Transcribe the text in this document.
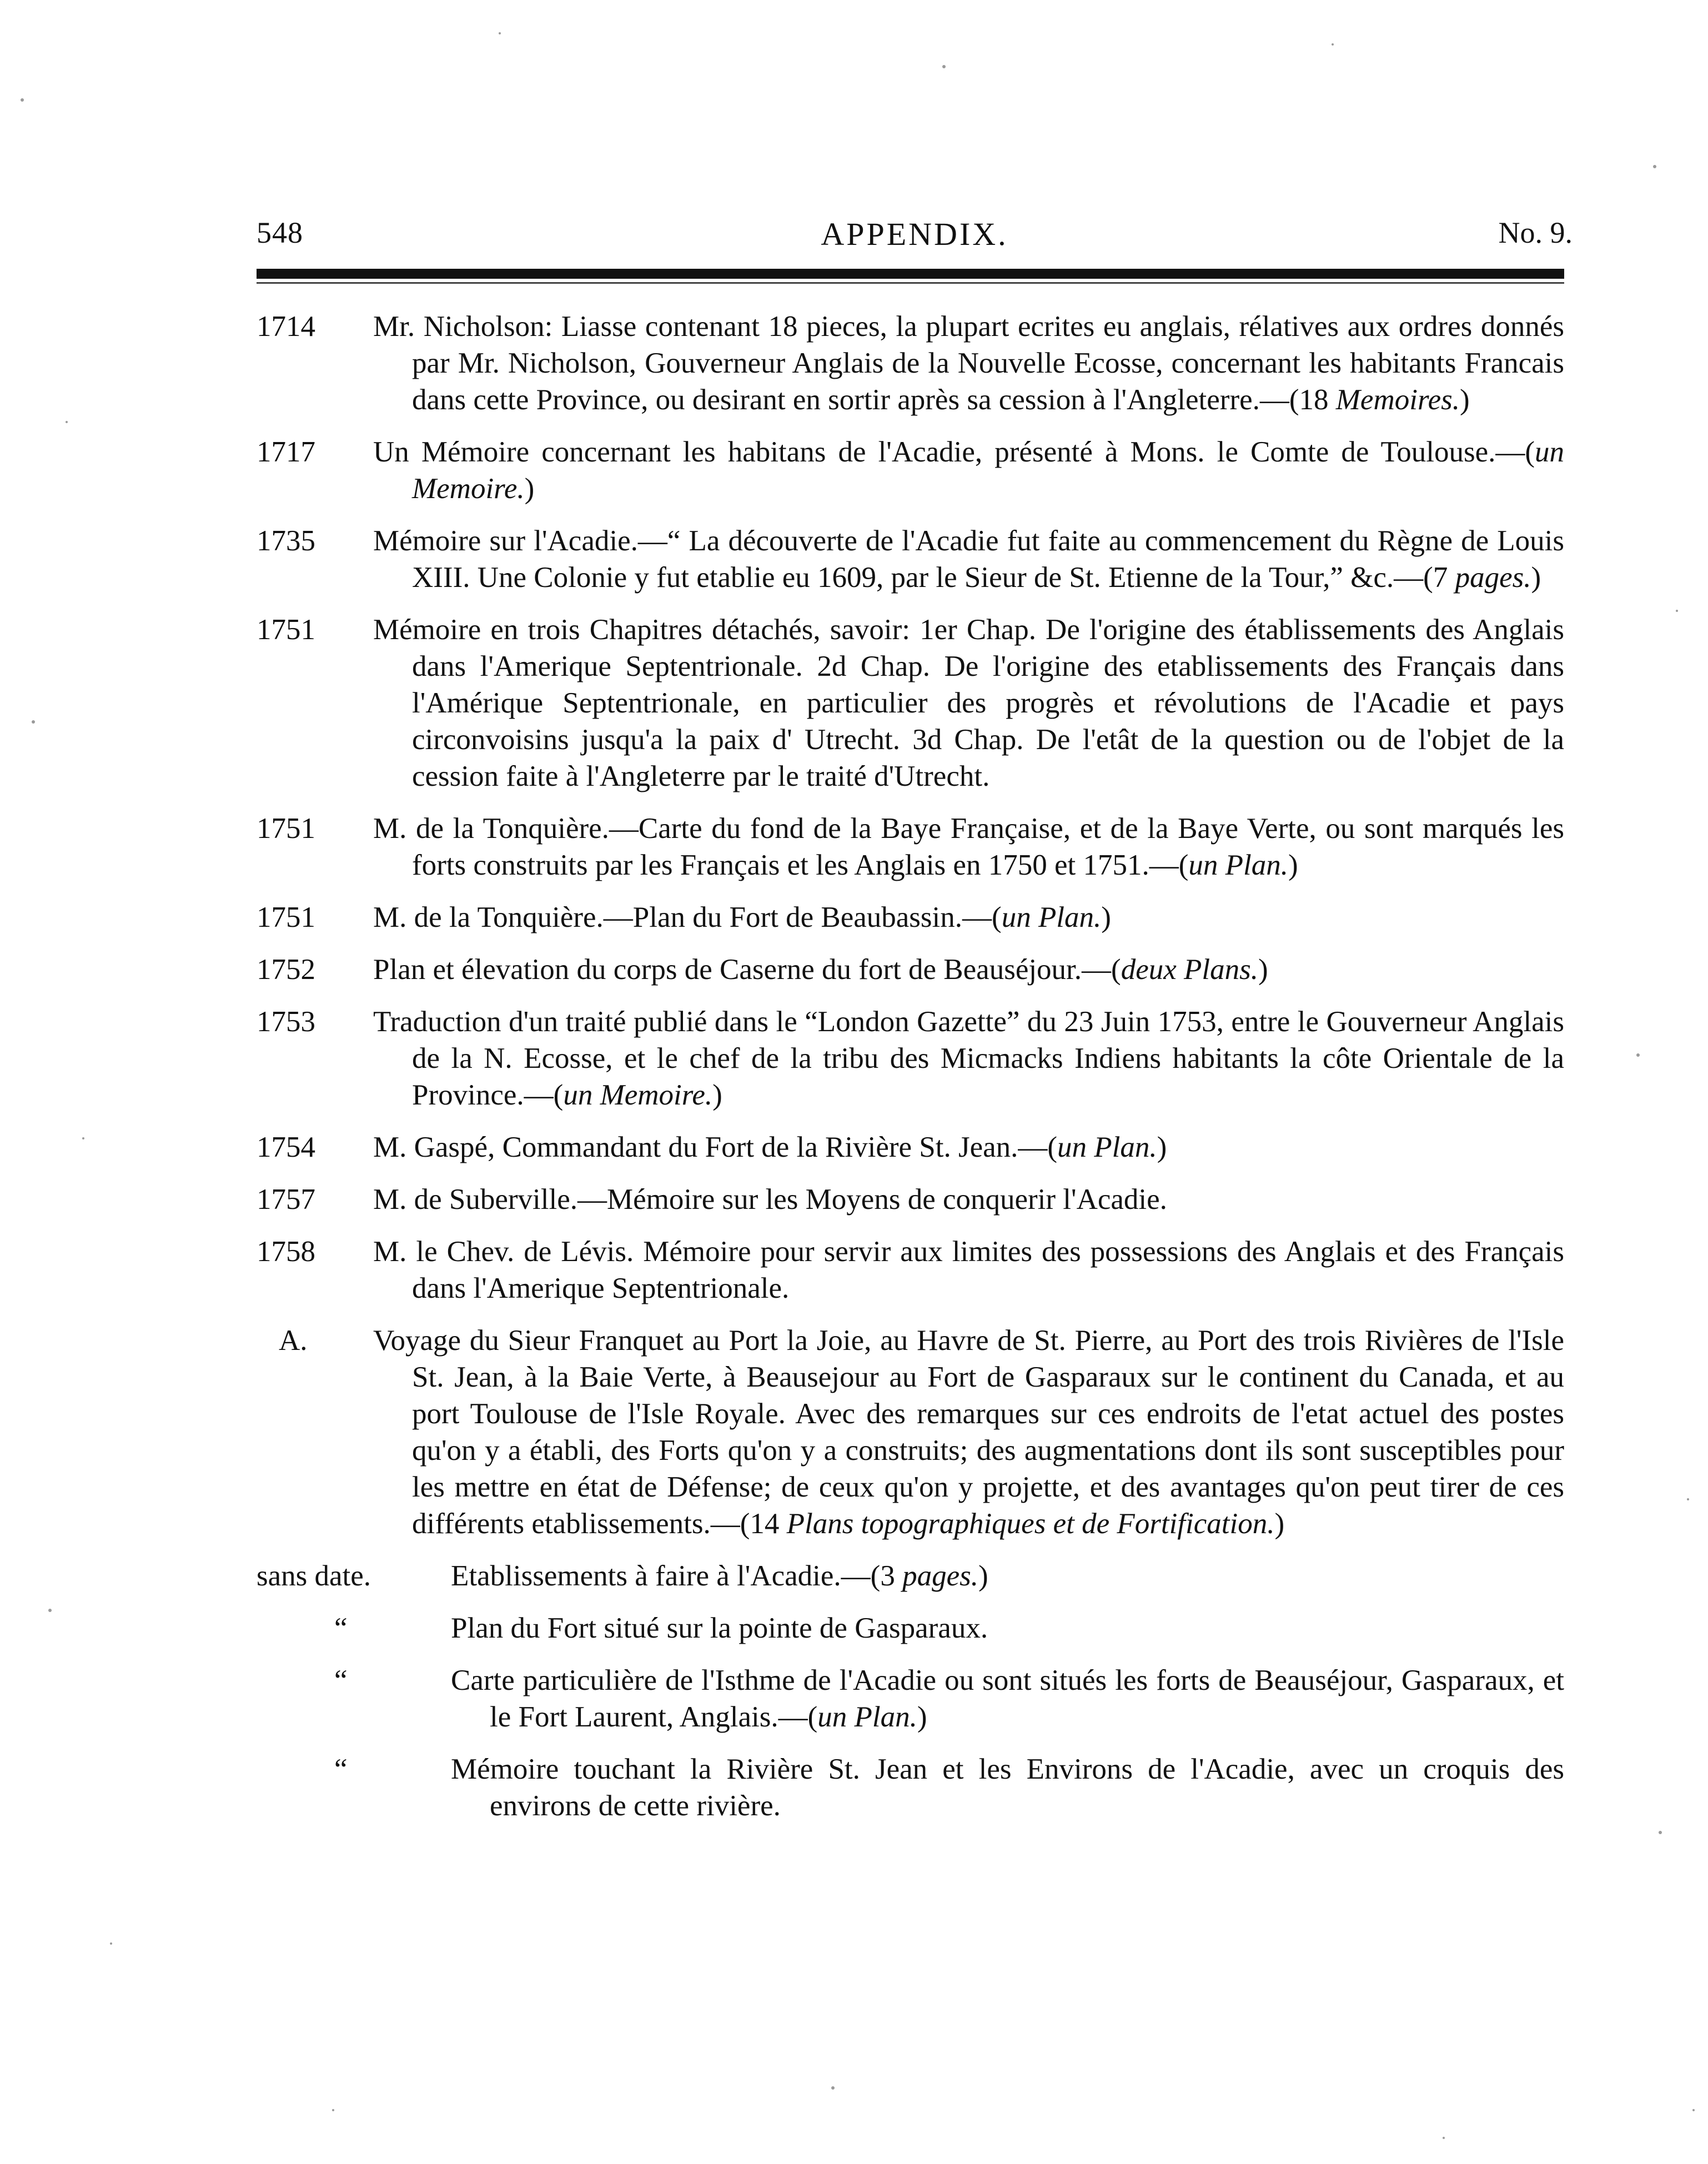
548	APPENDIX.	No. 9.
1714	Mr. Nicholson: Liasse contenant 18 pieces, la plupart ecrites eu anglais, rélatives aux ordres donnés par Mr. Nicholson, Gouverneur Anglais de la Nouvelle Ecosse, concernant les habitants Francais dans cette Province, ou desirant en sortir après sa cession à l'Angleterre.—(18 Memoires.)
1717	Un Mémoire concernant les habitans de l'Acadie, présenté à Mons. le Comte de Toulouse.—(un Memoire.)
1735	Mémoire sur l'Acadie.—“ La découverte de l'Acadie fut faite au commencement du Règne de Louis XIII. Une Colonie y fut etablie eu 1609, par le Sieur de St. Etienne de la Tour,” &c.—(7 pages.)
1751	Mémoire en trois Chapitres détachés, savoir: 1er Chap. De l'origine des établissements des Anglais dans l'Amerique Septentrionale. 2d Chap. De l'origine des etablissements des Français dans l'Amérique Septentrionale, en particulier des progrès et révolutions de l'Acadie et pays circonvoisins jusqu'a la paix d' Utrecht. 3d Chap. De l'etât de la question ou de l'objet de la cession faite à l'Angleterre par le traité d'Utrecht.
1751	M. de la Tonquière.—Carte du fond de la Baye Française, et de la Baye Verte, ou sont marqués les forts construits par les Français et les Anglais en 1750 et 1751.—(un Plan.)
1751	M. de la Tonquière.—Plan du Fort de Beaubassin.—(un Plan.)
1752	Plan et élevation du corps de Caserne du fort de Beauséjour.—(deux Plans.)
1753	Traduction d'un traité publié dans le “London Gazette” du 23 Juin 1753, entre le Gouverneur Anglais de la N. Ecosse, et le chef de la tribu des Micmacks Indiens habitants la côte Orientale de la Province.—(un Memoire.)
1754	M. Gaspé, Commandant du Fort de la Rivière St. Jean.—(un Plan.)
1757	M. de Suberville.—Mémoire sur les Moyens de conquerir l'Acadie.
1758	M. le Chev. de Lévis. Mémoire pour servir aux limites des possessions des Anglais et des Français dans l'Amerique Septentrionale.
A.	Voyage du Sieur Franquet au Port la Joie, au Havre de St. Pierre, au Port des trois Rivières de l'Isle St. Jean, à la Baie Verte, à Beausejour au Fort de Gasparaux sur le continent du Canada, et au port Toulouse de l'Isle Royale. Avec des remarques sur ces endroits de l'etat actuel des postes qu'on y a établi, des Forts qu'on y a construits; des augmentations dont ils sont susceptibles pour les mettre en état de Défense; de ceux qu'on y projette, et des avantages qu'on peut tirer de ces différents etablissements.—(14 Plans topographiques et de Fortification.)
sans date.	Etablissements à faire à l'Acadie.—(3 pages.)
“	Plan du Fort situé sur la pointe de Gasparaux.
“	Carte particulière de l'Isthme de l'Acadie ou sont situés les forts de Beauséjour, Gasparaux, et le Fort Laurent, Anglais.—(un Plan.)
“	Mémoire touchant la Rivière St. Jean et les Environs de l'Acadie, avec un croquis des environs de cette rivière.
